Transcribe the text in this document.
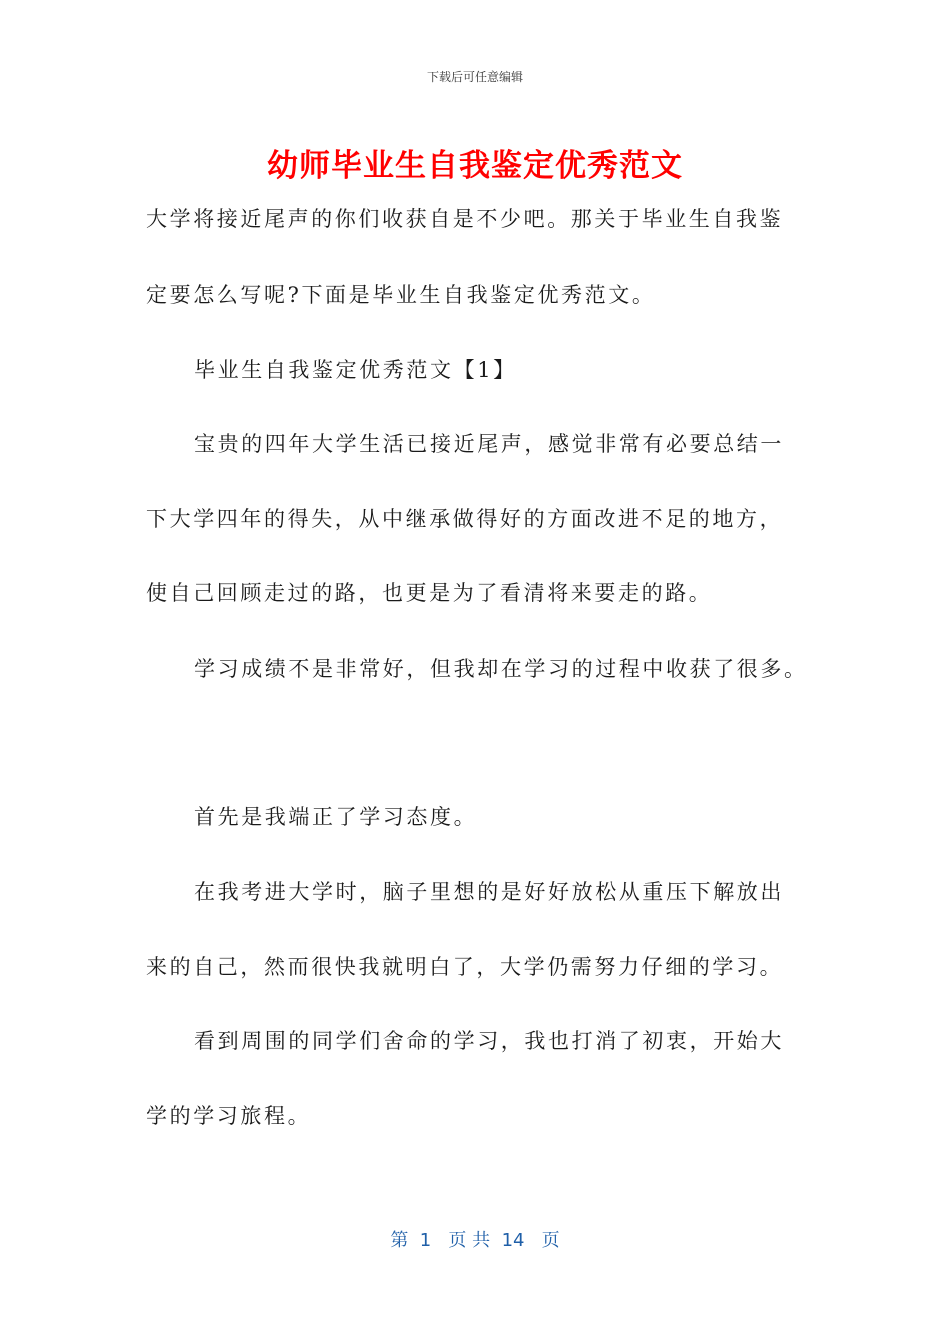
下载后可任意编辑
幼师毕业生自我鉴定优秀范文
大学将接近尾声的你们收获自是不少吧。那关于毕业生自我鉴
定要怎么写呢?下面是毕业生自我鉴定优秀范文。
毕业生自我鉴定优秀范文【1】
宝贵的四年大学生活已接近尾声，感觉非常有必要总结一
下大学四年的得失，从中继承做得好的方面改进不足的地方，
使自己回顾走过的路，也更是为了看清将来要走的路。
学习成绩不是非常好，但我却在学习的过程中收获了很多。
首先是我端正了学习态度。
在我考进大学时，脑子里想的是好好放松从重压下解放出
来的自己，然而很快我就明白了，大学仍需努力仔细的学习。
看到周围的同学们舍命的学习，我也打消了初衷，开始大
学的学习旅程。
第  1   页 共  14   页
